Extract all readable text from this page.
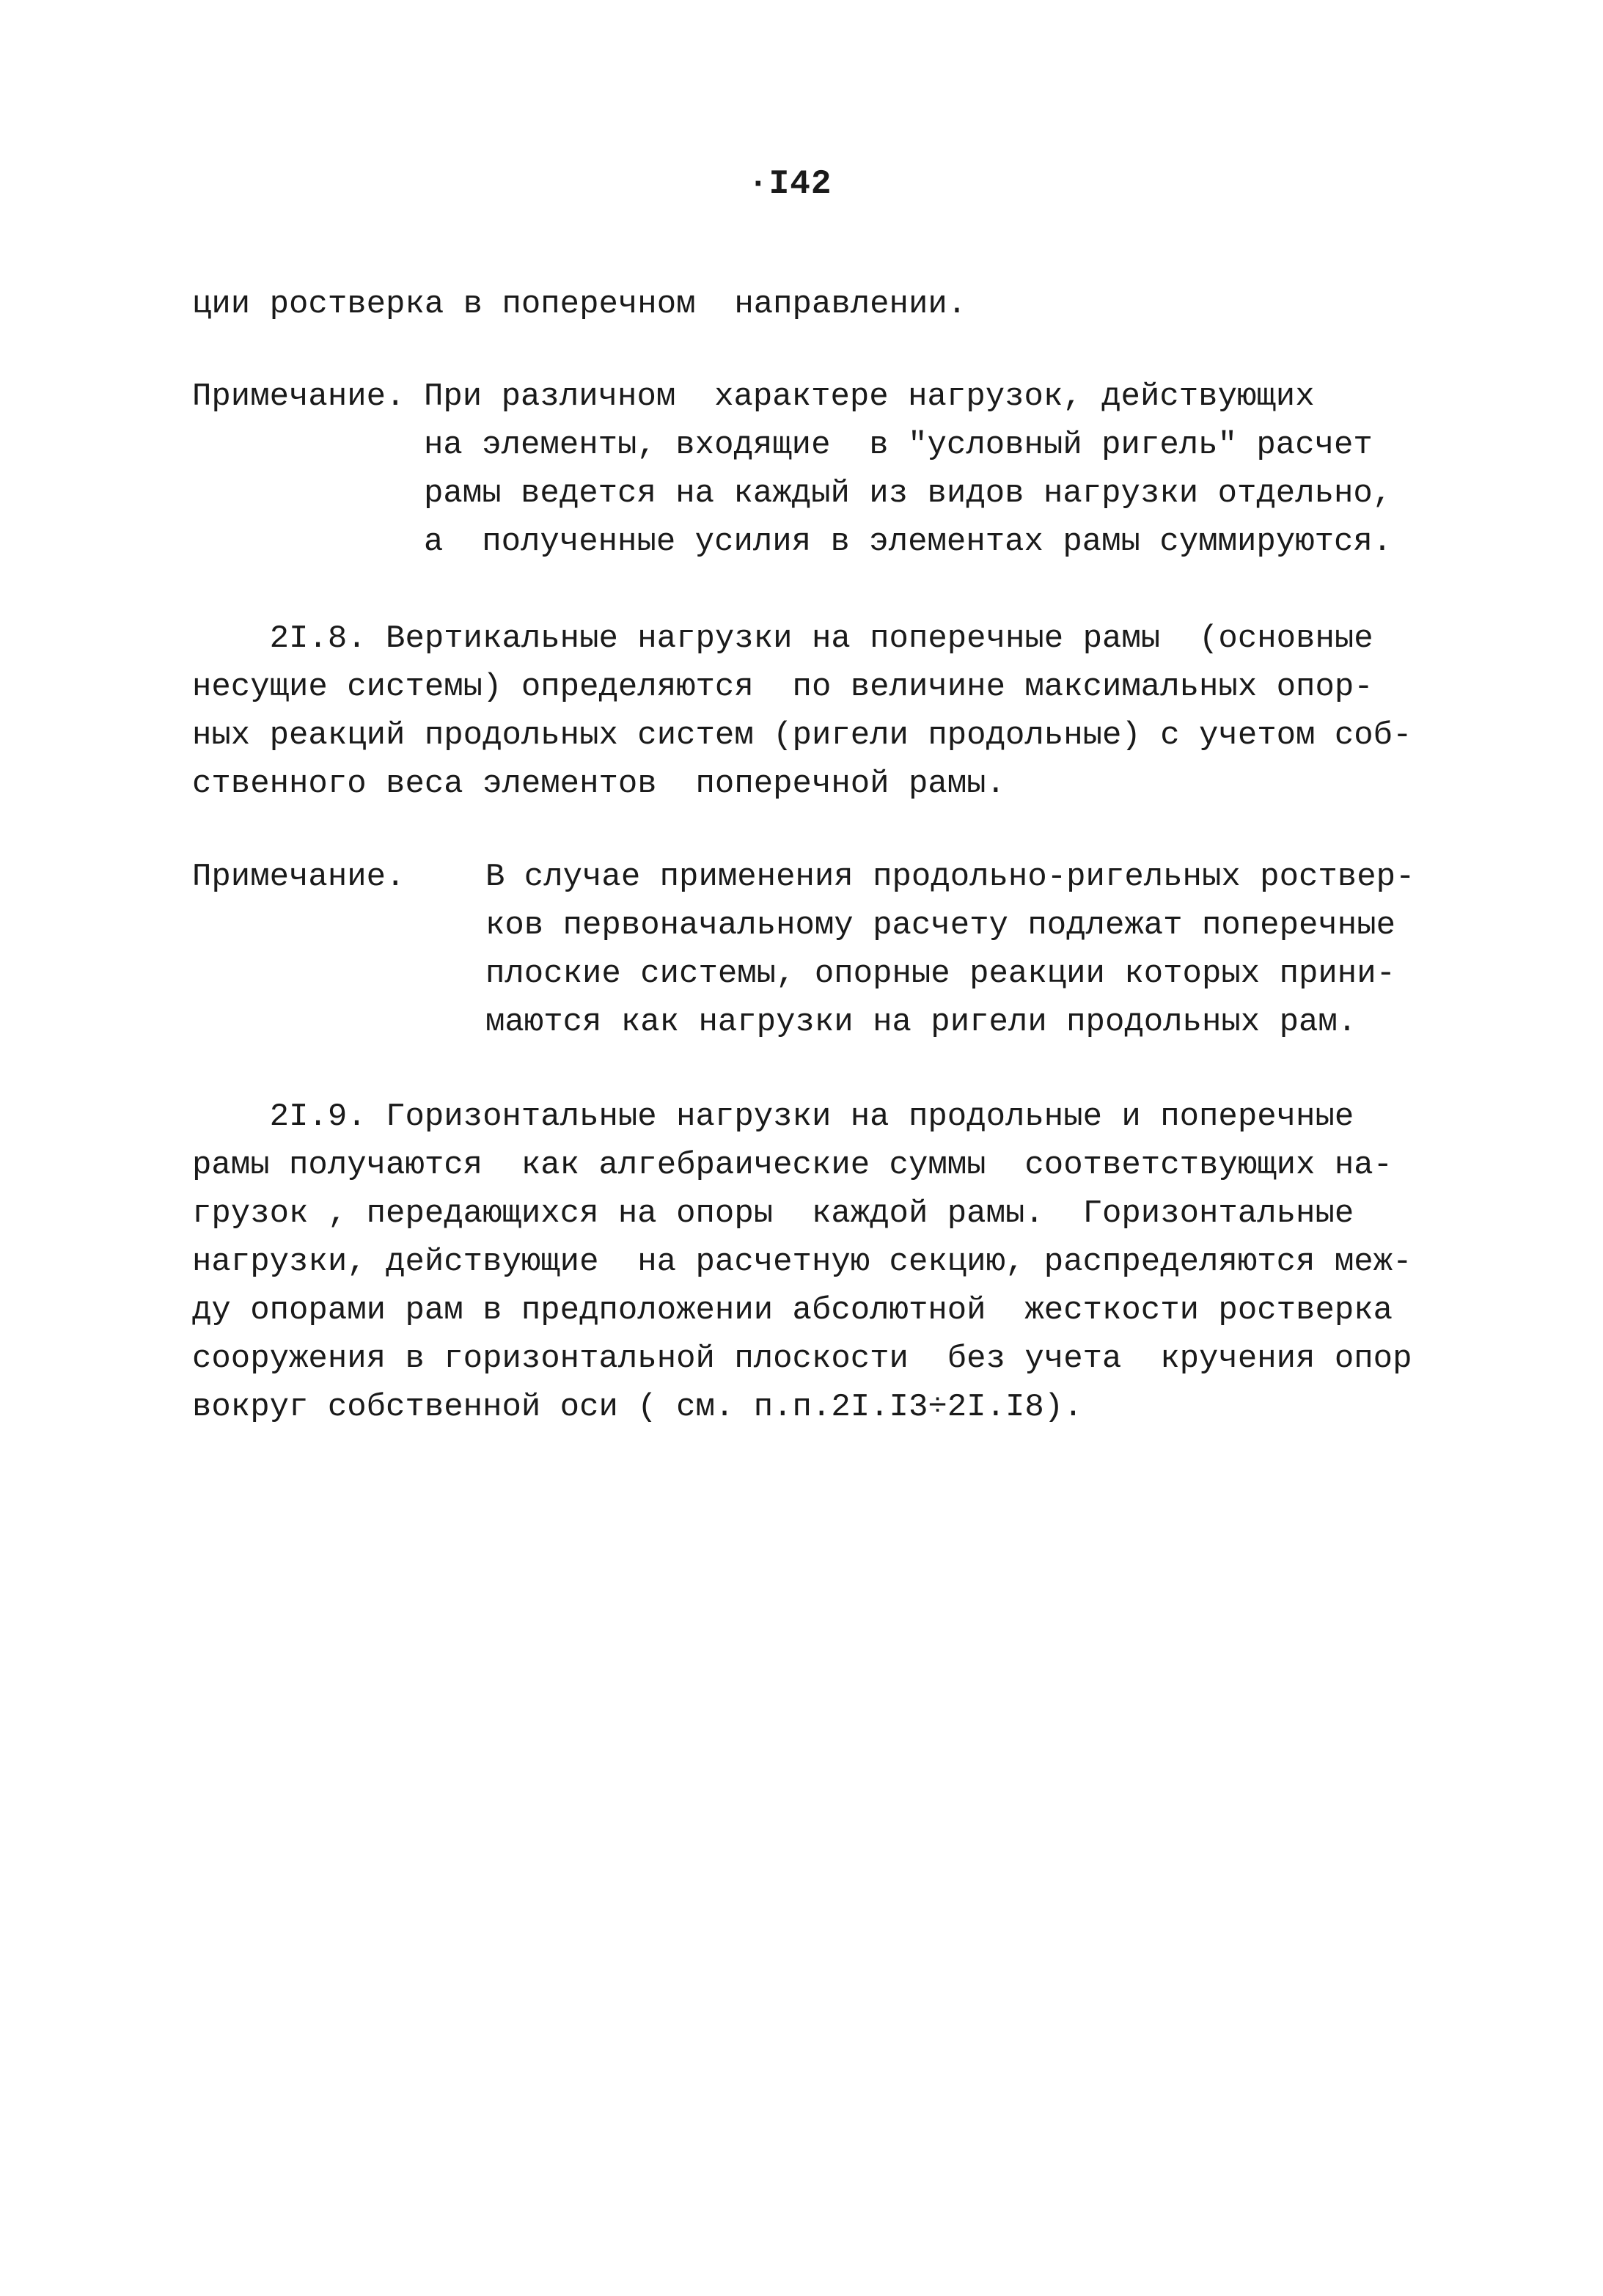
·I42
ции ростверка в поперечном  направлении.
Примечание. При различном  характере нагрузок, действующих
на элементы, входящие  в "условный ригель" расчет
рамы ведется на каждый из видов нагрузки отдельно,
а  полученные усилия в элементах рамы суммируются.
2I.8. Вертикальные нагрузки на поперечные рамы  (основные
несущие системы) определяются  по величине максимальных опор-
ных реакций продольных систем (ригели продольные) с учетом соб-
ственного веса элементов  поперечной рамы.
Примечание. В случае применения продольно-ригельных роствер-
ков первоначальному расчету подлежат поперечные
плоские системы, опорные реакции которых прини-
маются как нагрузки на ригели продольных рам.
2I.9. Горизонтальные нагрузки на продольные и поперечные
рамы получаются  как алгебраические суммы  соответствующих на-
грузок , передающихся на опоры  каждой рамы.  Горизонтальные
нагрузки, действующие  на расчетную секцию, распределяются меж-
ду опорами рам в предположении абсолютной  жесткости ростверка
сооружения в горизонтальной плоскости  без учета  кручения опор
вокруг собственной оси ( см. п.п.2I.I3÷2I.I8).
